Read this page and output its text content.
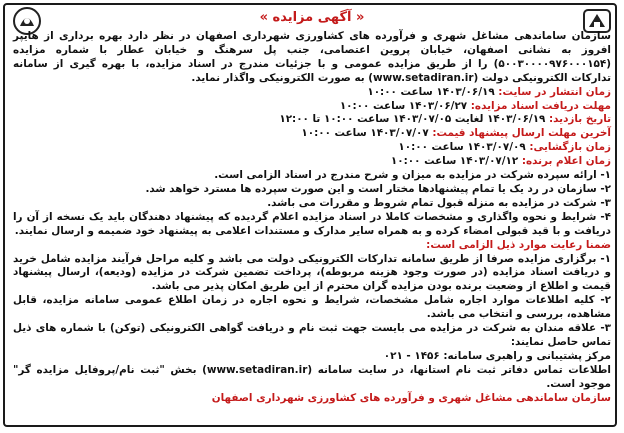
« آگهی مزایده »

سازمان ساماندهی مشاغل شهری و فرآورده های کشاورزی شهرداری اصفهان در نظر دارد بهره برداری از هایپر افروز به نشانی اصفهان، خیابان پروین اعتصامی، جنب پل سرهنگ و خیابان عطار با شماره مزایده (۵۰۰۳۰۰۰۰۹۷۶۰۰۰۱۵۴) را از طریق مزایده عمومی و با جزئیات مندرج در اسناد مزایده، با بهره گیری از سامانه تدارکات الکترونیکی دولت (www.setadiran.ir) به صورت الکترونیکی واگذار نماید.

زمان انتشار در سایت: ۱۴۰۳/۰۶/۱۹ ساعت ۱۰:۰۰

مهلت دریافت اسناد مزایده: ۱۴۰۳/۰۶/۲۷ ساعت ۱۰:۰۰

تاریخ بازدید: ۱۴۰۳/۰۶/۱۹ لغایت ۱۴۰۳/۰۷/۰۵ ساعت ۱۰:۰۰ تا ۱۲:۰۰

آخرین مهلت ارسال پیشنهاد قیمت: ۱۴۰۳/۰۷/۰۷ ساعت ۱۰:۰۰

زمان بازگشایی: ۱۴۰۳/۰۷/۰۹ ساعت ۱۰:۰۰

زمان اعلام برنده: ۱۴۰۳/۰۷/۱۲ ساعت ۱۰:۰۰

۱- ارائه سپرده شرکت در مزایده به میزان و شرح مندرج در اسناد الزامی است.

۲- سازمان در رد یک یا تمام پیشنهادها مختار است و این صورت سپرده ها مسترد خواهد شد.

۳- شرکت در مزایده به منزله قبول تمام شروط و مقررات می باشد.

۴- شرایط و نحوه واگذاری و مشخصات کاملا در اسناد مزایده اعلام گردیده که پیشنهاد دهندگان باید یک نسخه از آن را دریافت و با قید قبولی امضاء کرده و به همراه سایر مدارک و مستندات اعلامی به پیشنهاد خود ضمیمه و ارسال نمایند.

ضمنا رعایت موارد ذیل الزامی است:

۱- برگزاری مزایده صرفا از طریق سامانه تدارکات الکترونیکی دولت می باشد و کلیه مراحل فرآیند مزایده شامل خرید و دریافت اسناد مزایده (در صورت وجود هزینه مربوطه)، پرداخت تضمین شرکت در مزایده (ودیعه)، ارسال پیشنهاد قیمت و اطلاع از وضعیت برنده بودن مزایده گران محترم از این طریق امکان پذیر می باشد.

۲- کلیه اطلاعات موارد اجاره شامل مشخصات، شرایط و نحوه اجاره در زمان اطلاع عمومی سامانه مزایده، قابل مشاهده، بررسی و انتخاب می باشد.

۳- علاقه مندان به شرکت در مزایده می بایست جهت ثبت نام و دریافت گواهی الکترونیکی (توکن) با شماره های ذیل تماس حاصل نمایند:

مرکز پشتیبانی و راهبری سامانه: ۱۴۵۶ - ۰۲۱

اطلاعات تماس دفاتر ثبت نام استانها، در سایت سامانه (www.setadiran.ir) بخش "ثبت نام/پروفایل مزایده گر" موجود است.

سازمان ساماندهی مشاغل شهری و فرآورده های کشاورزی شهرداری اصفهان
